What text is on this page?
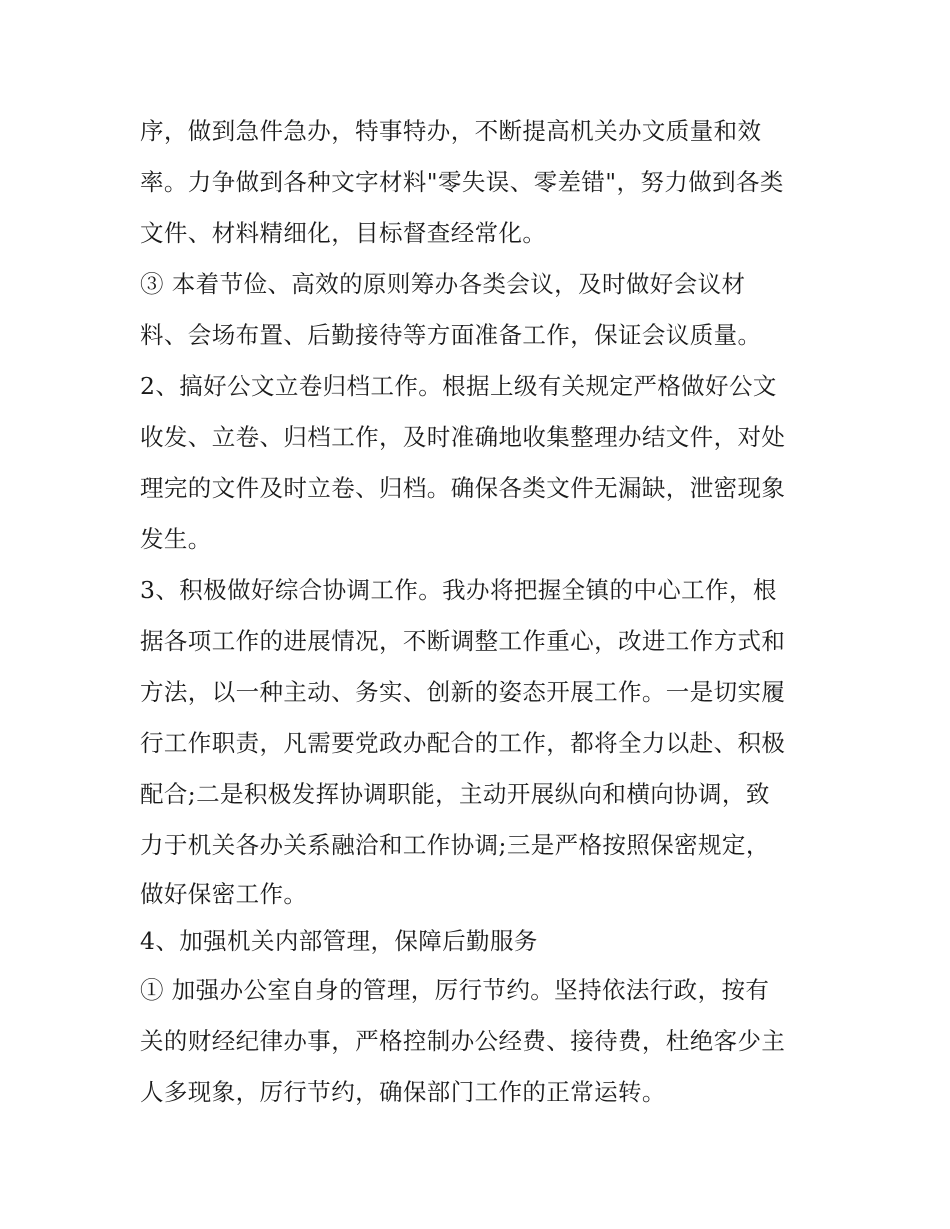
序，做到急件急办，特事特办，不断提高机关办文质量和效
率。力争做到各种文字材料"零失误、零差错"，努力做到各类
文件、材料精细化，目标督查经常化。
③ 本着节俭、高效的原则筹办各类会议，及时做好会议材
料、会场布置、后勤接待等方面准备工作，保证会议质量。
2、搞好公文立卷归档工作。根据上级有关规定严格做好公文
收发、立卷、归档工作，及时准确地收集整理办结文件，对处
理完的文件及时立卷、归档。确保各类文件无漏缺，泄密现象
发生。
3、积极做好综合协调工作。我办将把握全镇的中心工作，根
据各项工作的进展情况，不断调整工作重心，改进工作方式和
方法，以一种主动、务实、创新的姿态开展工作。一是切实履
行工作职责，凡需要党政办配合的工作，都将全力以赴、积极
配合;二是积极发挥协调职能，主动开展纵向和横向协调，致
力于机关各办关系融洽和工作协调;三是严格按照保密规定，
做好保密工作。
4、加强机关内部管理，保障后勤服务
① 加强办公室自身的管理，厉行节约。坚持依法行政，按有
关的财经纪律办事，严格控制办公经费、接待费，杜绝客少主
人多现象，厉行节约，确保部门工作的正常运转。
